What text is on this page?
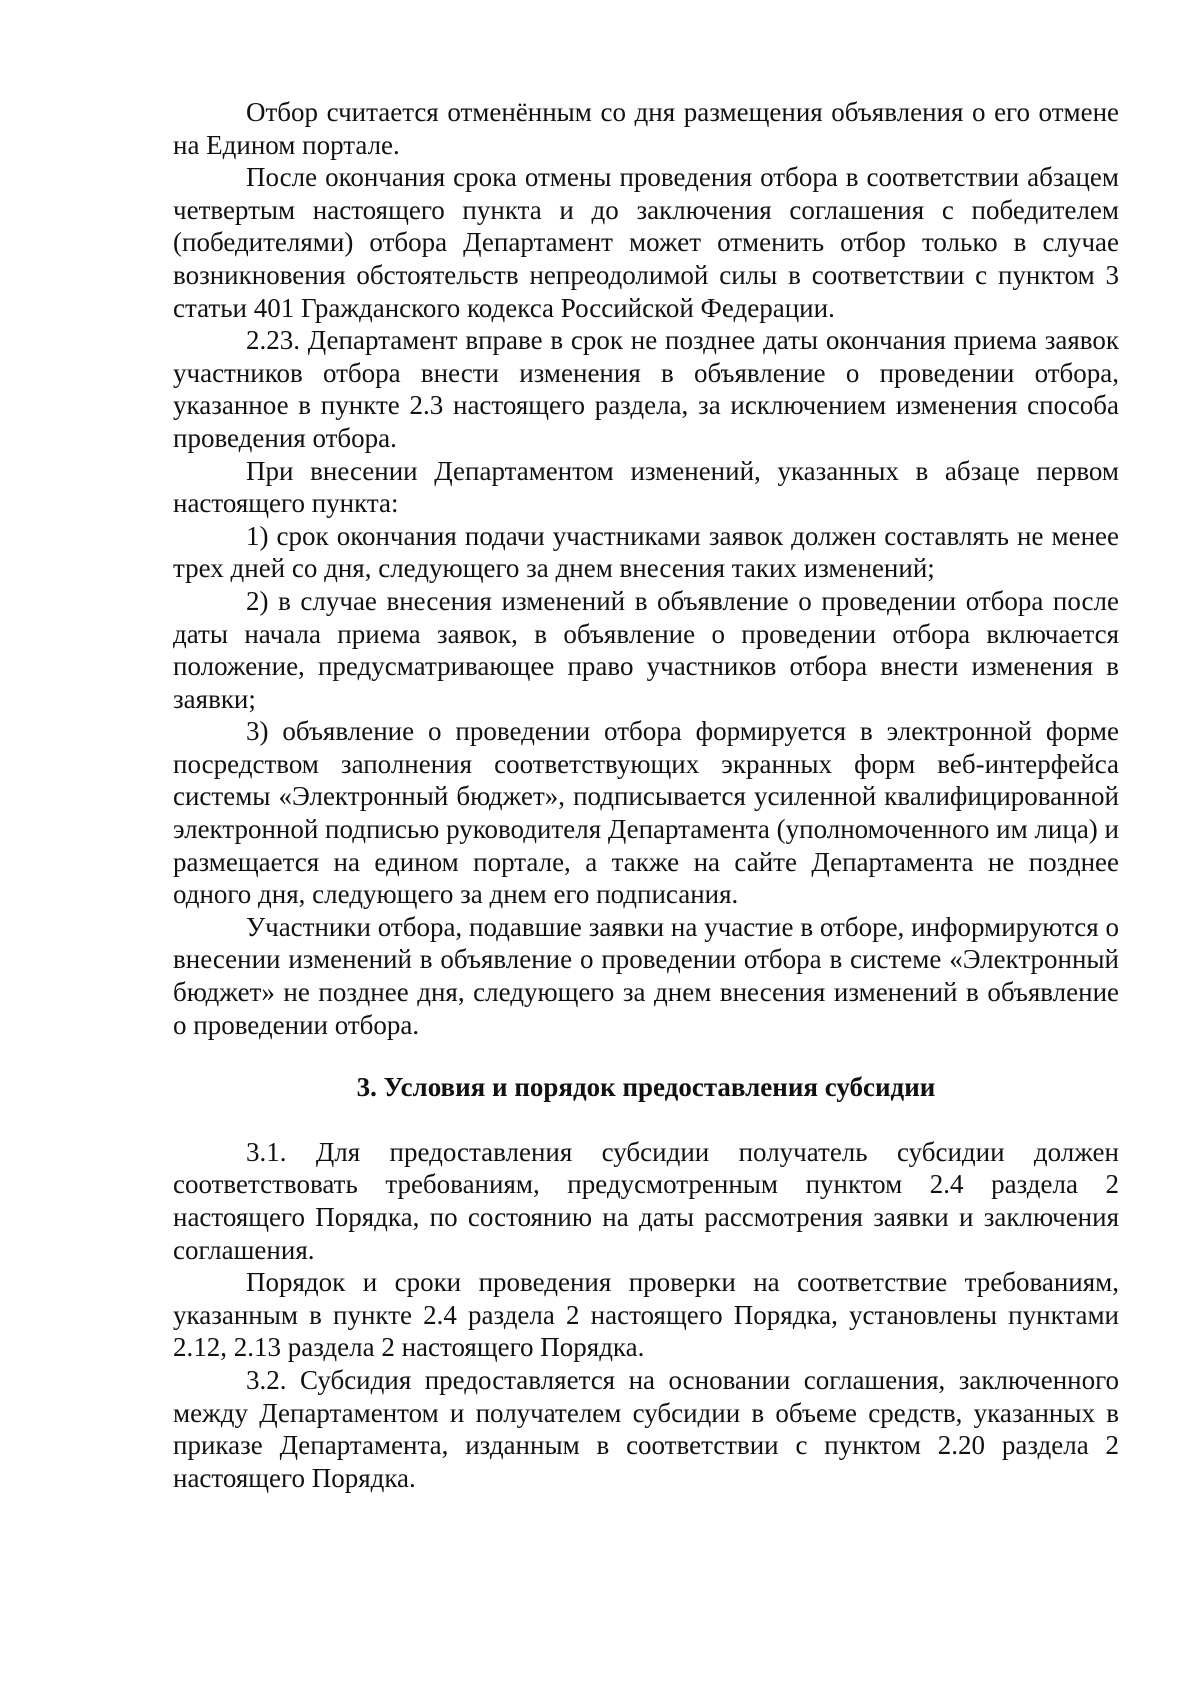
Отбор считается отменённым со дня размещения объявления о его отмене на Едином портале.

После окончания срока отмены проведения отбора в соответствии абзацем четвертым настоящего пункта и до заключения соглашения с победителем (победителями) отбора Департамент может отменить отбор только в случае возникновения обстоятельств непреодолимой силы в соответствии с пунктом 3 статьи 401 Гражданского кодекса Российской Федерации.

2.23. Департамент вправе в срок не позднее даты окончания приема заявок участников отбора внести изменения в объявление о проведении отбора, указанное в пункте 2.3 настоящего раздела, за исключением изменения способа проведения отбора.

При внесении Департаментом изменений, указанных в абзаце первом настоящего пункта:

1) срок окончания подачи участниками заявок должен составлять не менее трех дней со дня, следующего за днем внесения таких изменений;

2) в случае внесения изменений в объявление о проведении отбора после даты начала приема заявок, в объявление о проведении отбора включается положение, предусматривающее право участников отбора внести изменения в заявки;

3) объявление о проведении отбора формируется в электронной форме посредством заполнения соответствующих экранных форм веб-интерфейса системы «Электронный бюджет», подписывается усиленной квалифицированной электронной подписью руководителя Департамента (уполномоченного им лица) и размещается на едином портале, а также на сайте Департамента не позднее одного дня, следующего за днем его подписания.

Участники отбора, подавшие заявки на участие в отборе, информируются о внесении изменений в объявление о проведении отбора в системе «Электронный бюджет» не позднее дня, следующего за днем внесения изменений в объявление о проведении отбора.

3. Условия и порядок предоставления субсидии

3.1. Для предоставления субсидии получатель субсидии должен соответствовать требованиям, предусмотренным пунктом 2.4 раздела 2 настоящего Порядка, по состоянию на даты рассмотрения заявки и заключения соглашения.

Порядок и сроки проведения проверки на соответствие требованиям, указанным в пункте 2.4 раздела 2 настоящего Порядка, установлены пунктами 2.12, 2.13 раздела 2 настоящего Порядка.

3.2. Субсидия предоставляется на основании соглашения, заключенного между Департаментом и получателем субсидии в объеме средств, указанных в приказе Департамента, изданным в соответствии с пунктом 2.20 раздела 2 настоящего Порядка.
